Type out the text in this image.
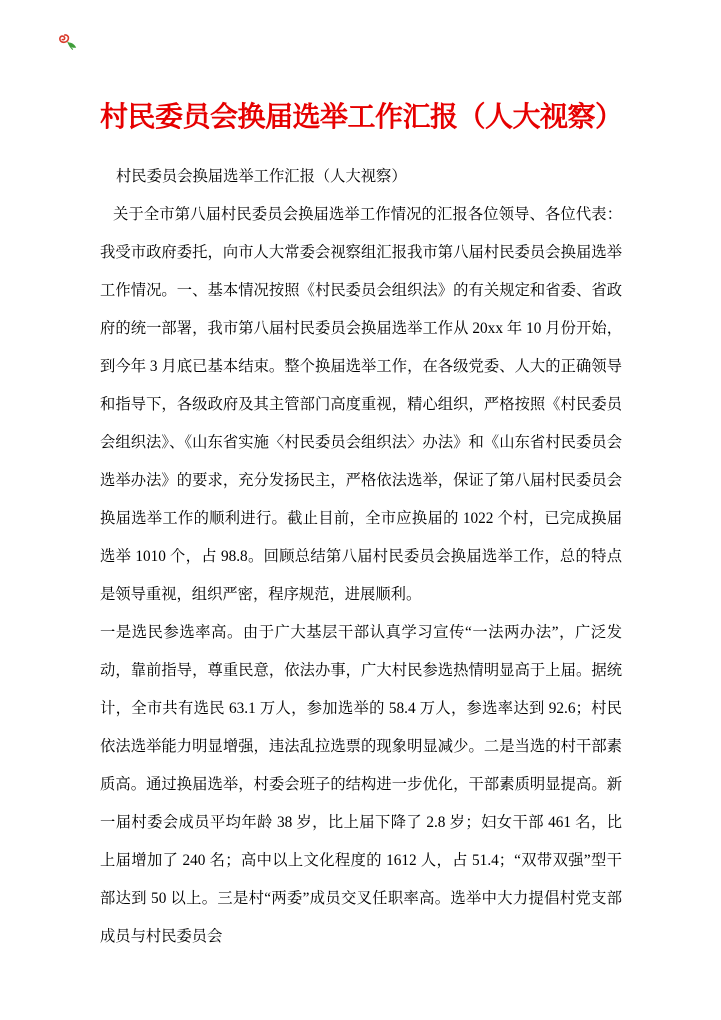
村民委员会换届选举工作汇报（人大视察）

村民委员会换届选举工作汇报（人大视察）

关于全市第八届村民委员会换届选举工作情况的汇报各位领导、各位代表：我受市政府委托，向市人大常委会视察组汇报我市第八届村民委员会换届选举工作情况。一、基本情况按照《村民委员会组织法》的有关规定和省委、省政府的统一部署，我市第八届村民委员会换届选举工作从 20xx 年 10 月份开始，到今年 3 月底已基本结束。整个换届选举工作，在各级党委、人大的正确领导和指导下，各级政府及其主管部门高度重视，精心组织，严格按照《村民委员会组织法》、《山东省实施〈村民委员会组织法〉办法》和《山东省村民委员会选举办法》的要求，充分发扬民主，严格依法选举，保证了第八届村民委员会换届选举工作的顺利进行。截止目前，全市应换届的 1022 个村，已完成换届选举 1010 个，占 98.8。回顾总结第八届村民委员会换届选举工作，总的特点是领导重视，组织严密，程序规范，进展顺利。

一是选民参选率高。由于广大基层干部认真学习宣传“一法两办法”，广泛发动，靠前指导，尊重民意，依法办事，广大村民参选热情明显高于上届。据统计，全市共有选民 63.1 万人，参加选举的 58.4 万人，参选率达到 92.6；村民依法选举能力明显增强，违法乱拉选票的现象明显减少。二是当选的村干部素质高。通过换届选举，村委会班子的结构进一步优化，干部素质明显提高。新一届村委会成员平均年龄 38 岁，比上届下降了 2.8 岁；妇女干部 461 名，比上届增加了 240 名；高中以上文化程度的 1612 人，占 51.4；“双带双强”型干部达到 50 以上。三是村“两委”成员交叉任职率高。选举中大力提倡村党支部成员与村民委员会
